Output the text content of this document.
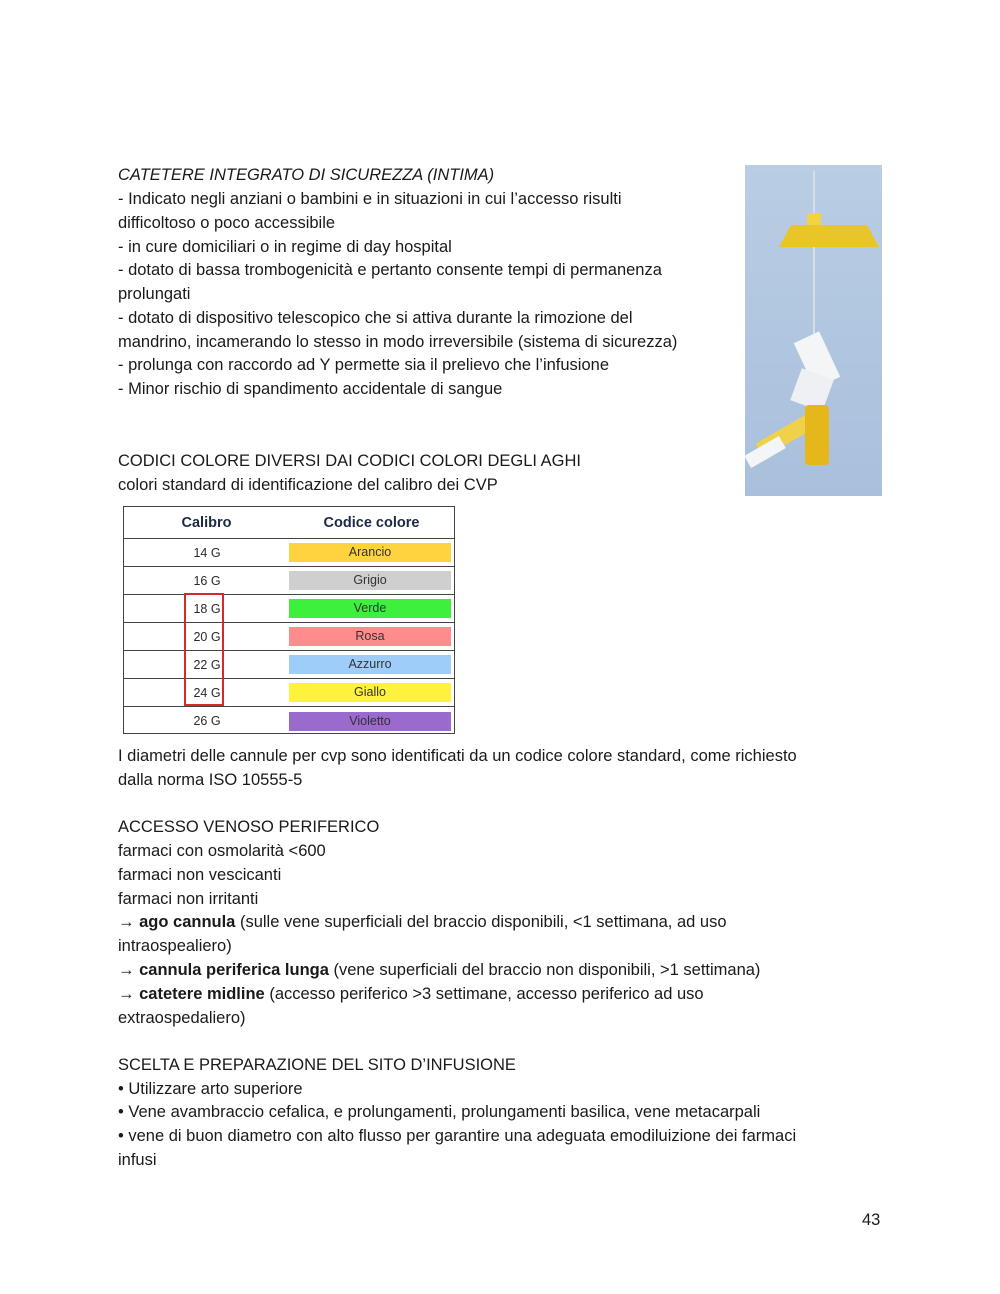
CATETERE INTEGRATO DI SICUREZZA (INTIMA)
- Indicato negli anziani o bambini e in situazioni in cui l’accesso risulti
difficoltoso o poco accessibile
- in cure domiciliari o in regime di day hospital
- dotato di bassa trombogenicità e pertanto consente tempi di permanenza
prolungati
- dotato di dispositivo telescopico che si attiva durante la rimozione del
mandrino, incamerando lo stesso in modo irreversibile (sistema di sicurezza)
- prolunga con raccordo ad Y permette sia il prelievo che l’infusione
- Minor rischio di spandimento accidentale di sangue
CODICI COLORE DIVERSI DAI CODICI COLORI DEGLI AGHI
colori standard di identificazione del calibro dei CVP
Calibro	Codice colore
14 G	Arancio
16 G	Grigio
18 G	Verde
20 G	Rosa
22 G	Azzurro
24 G	Giallo
26 G	Violetto
I diametri delle cannule per cvp sono identificati da un codice colore standard, come richiesto
dalla norma ISO 10555-5
ACCESSO VENOSO PERIFERICO
farmaci con osmolarità <600
farmaci non vescicanti
farmaci non irritanti
→ ago cannula (sulle vene superficiali del braccio disponibili, <1 settimana, ad uso
intraospealiero)
→ cannula periferica lunga (vene superficiali del braccio non disponibili, >1 settimana)
→ catetere midline (accesso periferico >3 settimane, accesso periferico ad uso
extraospedaliero)
SCELTA E PREPARAZIONE DEL SITO D’INFUSIONE
• Utilizzare arto superiore
• Vene avambraccio cefalica, e prolungamenti, prolungamenti basilica, vene metacarpali
• vene di buon diametro con alto flusso per garantire una adeguata emodiluizione dei farmaci
infusi
43
